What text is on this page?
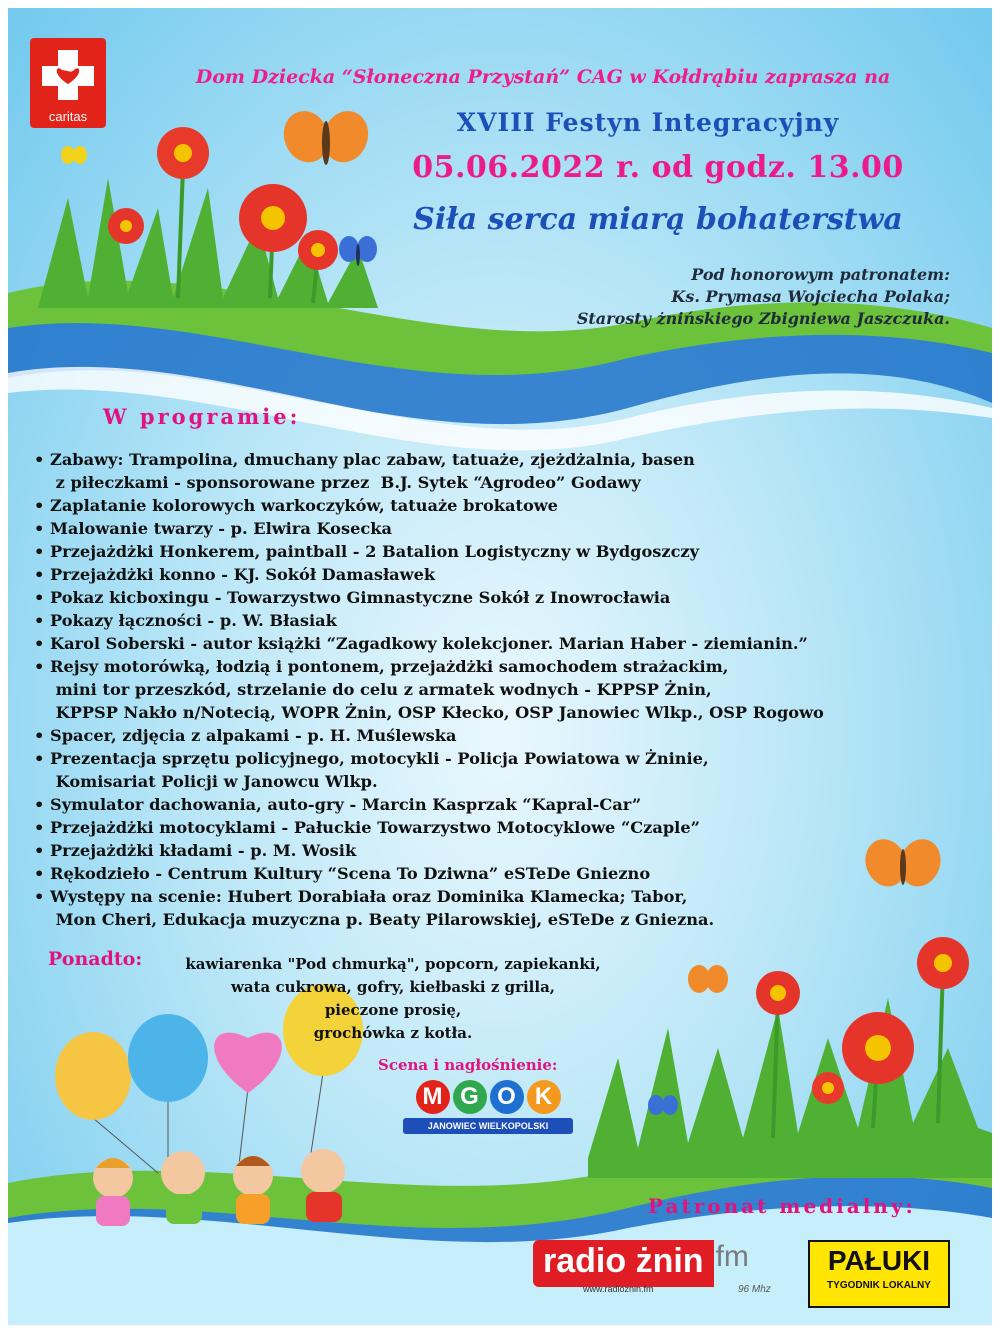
caritas
Dom Dziecka “Słoneczna Przystań” CAG w Kołdrąbiu zaprasza na
XVIII Festyn Integracyjny
05.06.2022 r. od godz. 13.00
Siła serca miarą bohaterstwa
Pod honorowym patronatem:
Ks. Prymasa Wojciecha Polaka;
Starosty żnińskiego Zbigniewa Jaszczuka.
W programie:
• Zabawy: Trampolina, dmuchany plac zabaw, tatuaże, zjeżdżalnia, basen
z piłeczkami - sponsorowane przez  B.J. Sytek “Agrodeo” Godawy
• Zaplatanie kolorowych warkoczyków, tatuaże brokatowe
• Malowanie twarzy - p. Elwira Kosecka
• Przejażdżki Honkerem, paintball - 2 Batalion Logistyczny w Bydgoszczy
• Przejażdżki konno - KJ. Sokół Damasławek
• Pokaz kicboxingu - Towarzystwo Gimnastyczne Sokół z Inowrocławia
• Pokazy łączności - p. W. Błasiak
• Karol Soberski - autor książki “Zagadkowy kolekcjoner. Marian Haber - ziemianin.”
• Rejsy motorówką, łodzią i pontonem, przejażdżki samochodem strażackim,
mini tor przeszkód, strzelanie do celu z armatek wodnych - KPPSP Żnin,
KPPSP Nakło n/Notecią, WOPR Żnin, OSP Kłecko, OSP Janowiec Wlkp., OSP Rogowo
• Spacer, zdjęcia z alpakami - p. H. Muślewska
• Prezentacja sprzętu policyjnego, motocykli - Policja Powiatowa w Żninie,
Komisariat Policji w Janowcu Wlkp.
• Symulator dachowania, auto-gry - Marcin Kasprzak “Kapral-Car”
• Przejażdżki motocyklami - Pałuckie Towarzystwo Motocyklowe “Czaple”
• Przejażdżki kładami - p. M. Wosik
• Rękodzieło - Centrum Kultury “Scena To Dziwna” eSTeDe Gniezno
• Występy na scenie: Hubert Dorabiała oraz Dominika Klamecka; Tabor,
Mon Cheri, Edukacja muzyczna p. Beaty Pilarowskiej, eSTeDe z Gniezna.
Ponadto:	kawiarenka "Pod chmurką", popcorn, zapiekanki,
wata cukrowa, gofry, kiełbaski z grilla,
pieczone prosię,
grochówka z kotła.
Scena i nagłośnienie:
M G O K
JANOWIEC WIELKOPOLSKI
Patronat medialny:
radio żnin fm
www.radioznin.fm	96 Mhz
PAŁUKI
TYGODNIK LOKALNY
